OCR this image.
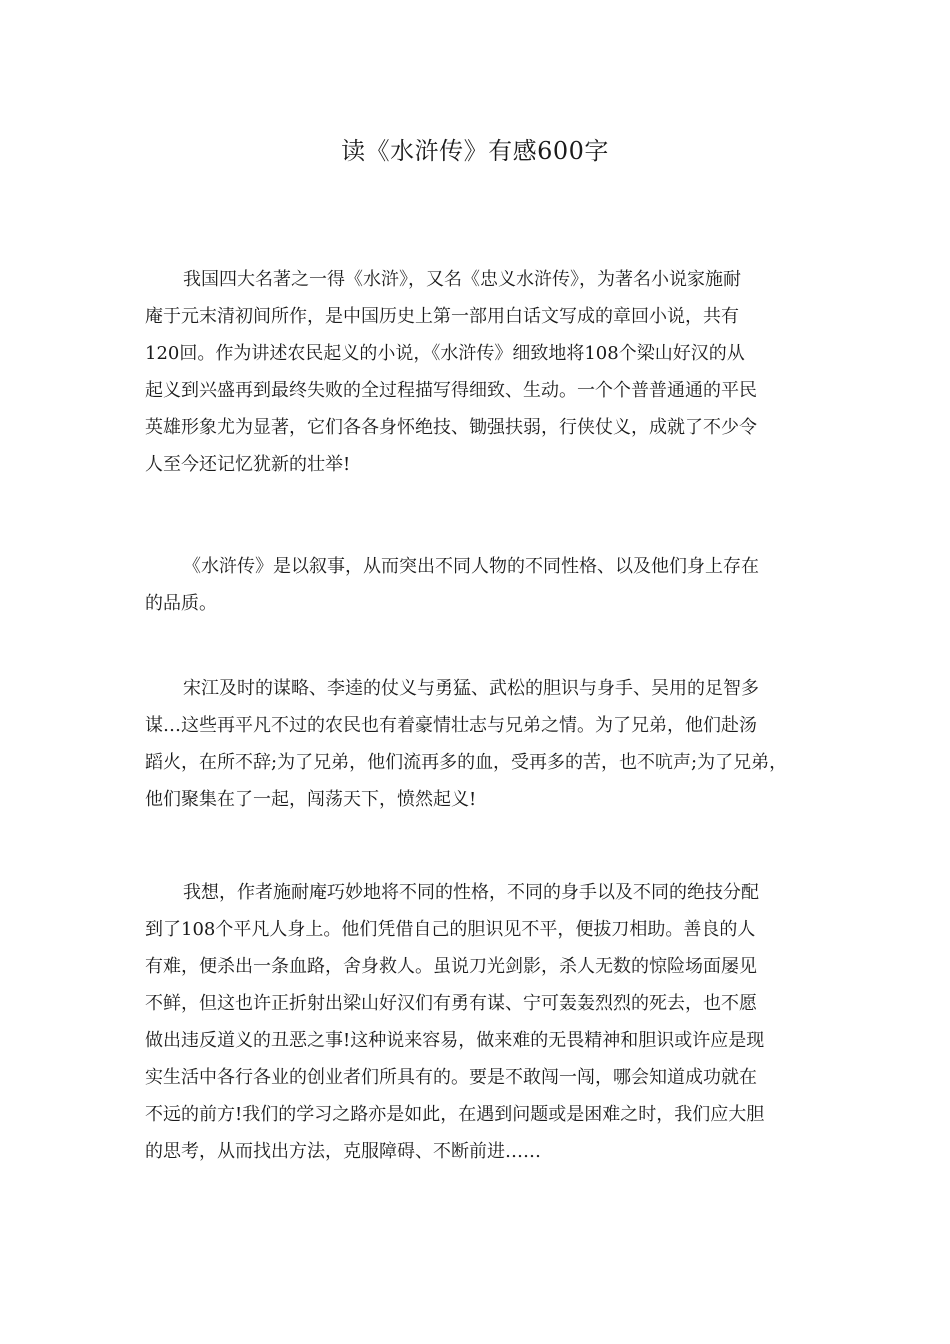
读《水浒传》有感600字
我国四大名著之一得《水浒》，又名《忠义水浒传》，为著名小说家施耐
庵于元末清初间所作，是中国历史上第一部用白话文写成的章回小说，共有
120回。作为讲述农民起义的小说，《水浒传》细致地将108个梁山好汉的从
起义到兴盛再到最终失败的全过程描写得细致、生动。一个个普普通通的平民
英雄形象尤为显著，它们各各身怀绝技、锄强扶弱，行侠仗义，成就了不少令
人至今还记忆犹新的壮举!
《水浒传》是以叙事，从而突出不同人物的不同性格、以及他们身上存在
的品质。
宋江及时的谋略、李逵的仗义与勇猛、武松的胆识与身手、吴用的足智多
谋…这些再平凡不过的农民也有着豪情壮志与兄弟之情。为了兄弟，他们赴汤
蹈火，在所不辞;为了兄弟，他们流再多的血，受再多的苦，也不吭声;为了兄弟，
他们聚集在了一起，闯荡天下，愤然起义!
我想，作者施耐庵巧妙地将不同的性格，不同的身手以及不同的绝技分配
到了108个平凡人身上。他们凭借自己的胆识见不平，便拔刀相助。善良的人
有难，便杀出一条血路，舍身救人。虽说刀光剑影，杀人无数的惊险场面屡见
不鲜，但这也许正折射出梁山好汉们有勇有谋、宁可轰轰烈烈的死去，也不愿
做出违反道义的丑恶之事!这种说来容易，做来难的无畏精神和胆识或许应是现
实生活中各行各业的创业者们所具有的。要是不敢闯一闯，哪会知道成功就在
不远的前方!我们的学习之路亦是如此，在遇到问题或是困难之时，我们应大胆
的思考，从而找出方法，克服障碍、不断前进……
